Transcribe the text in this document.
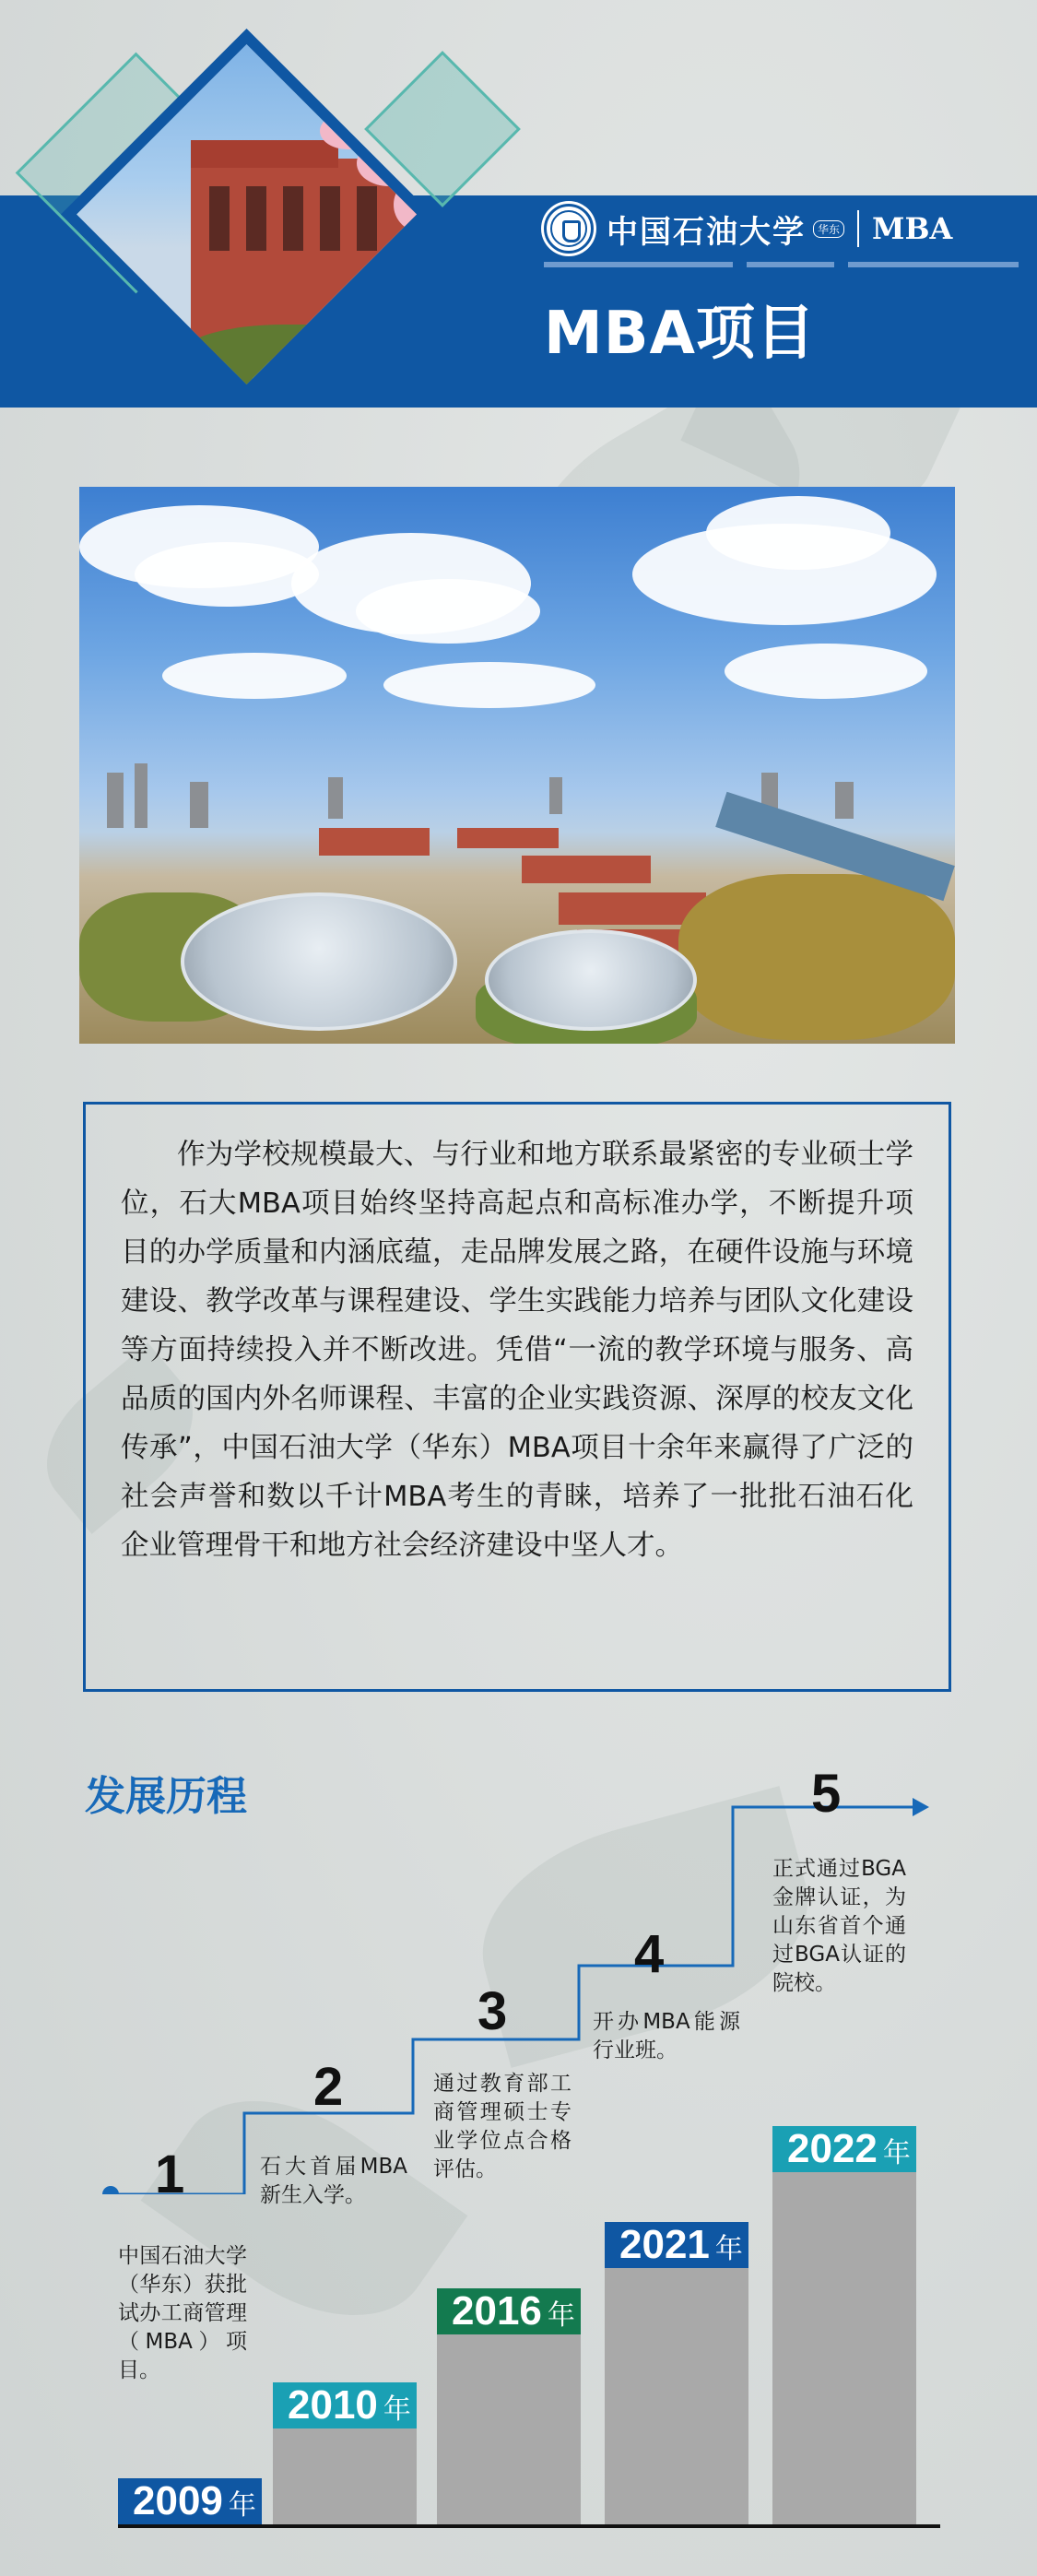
中国石油大学	华东 MBA
MBA项目

作为学校规模最大、与行业和地方联系最紧密的专业硕士学位，石大MBA项目始终坚持高起点和高标准办学，不断提升项目的办学质量和内涵底蕴，走品牌发展之路，在硬件设施与环境建设、教学改革与课程建设、学生实践能力培养与团队文化建设等方面持续投入并不断改进。凭借“一流的教学环境与服务、高品质的国内外名师课程、丰富的企业实践资源、深厚的校友文化传承”，中国石油大学（华东）MBA项目十余年来赢得了广泛的社会声誉和数以千计MBA考生的青睐，培养了一批批石油石化企业管理骨干和地方社会经济建设中坚人才。

发展历程
1
2
3
4
5
中国石油大学（华东）获批试办工商管理（MBA）项目。
石大首届MBA新生入学。
通过教育部工商管理硕士专业学位点合格评估。
开办MBA能源行业班。
正式通过BGA金牌认证，为山东省首个通过BGA认证的院校。
2009 年
2010 年
2016 年
2021 年
2022 年
